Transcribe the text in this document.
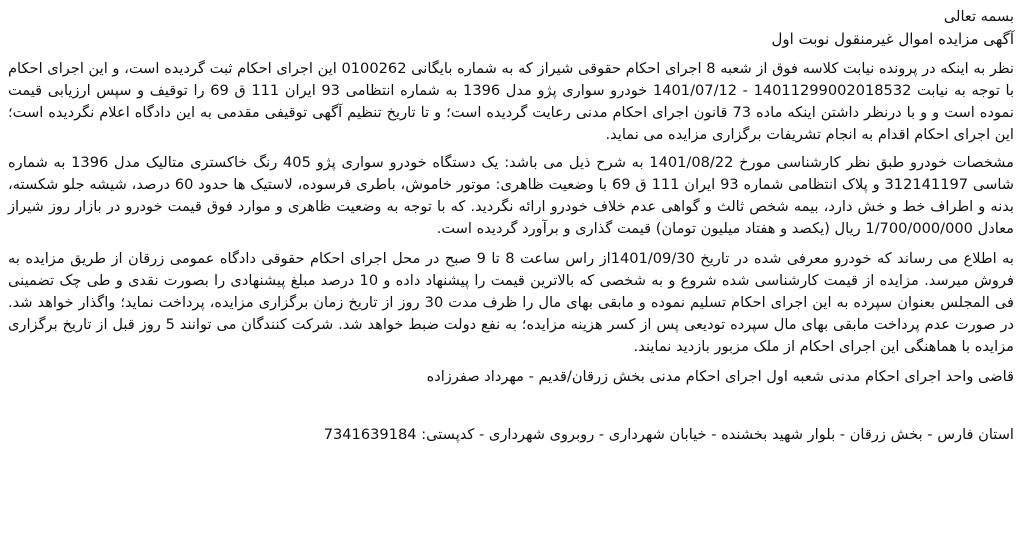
بسمه تعالی
آگهی مزایده اموال غیرمنقول نوبت اول

نظر به اینکه در پرونده نیابت کلاسه فوق از شعبه 8 اجرای احکام حقوقی شیراز که به شماره بایگانی 0100262 این اجرای احکام ثبت گردیده است، و این اجرای احکام با توجه به نیابت 14011299002018532 - 1401/07/12 خودرو سواری پژو مدل 1396 به شماره انتظامی 93 ایران 111 ق 69 را توقیف و سپس ارزیابی قیمت نموده است و و با درنظر داشتن اینکه ماده 73 قانون اجرای احکام مدنی رعایت گردیده است؛ و تا تاریخ تنظیم آگهی توقیفی مقدمی به این دادگاه اعلام نگردیده است؛ این اجرای احکام اقدام به انجام تشریفات برگزاری مزایده می نماید.

مشخصات خودرو طبق نظر کارشناسی مورخ 1401/08/22 به شرح ذیل می باشد: یک دستگاه خودرو سواری پژو 405 رنگ خاکستری متالیک مدل 1396 به شماره شاسی 312141197 و پلاک انتظامی شماره 93 ایران 111 ق 69 با وضعیت ظاهری: موتور خاموش، باطری فرسوده، لاستیک ها حدود 60 درصد، شیشه جلو شکسته، بدنه و اطراف خط و خش دارد، بیمه شخص ثالث و گواهی عدم خلاف خودرو ارائه نگردید. که با توجه به وضعیت ظاهری و موارد فوق قیمت خودرو در بازار روز شیراز معادل 1/700/000/000 ریال (یکصد و هفتاد میلیون تومان) قیمت گذاری و برآورد گردیده است.

به اطلاع می رساند که خودرو معرفی شده در تاریخ 1401/09/30از راس ساعت 8 تا 9 صبح در محل اجرای احکام حقوقی دادگاه عمومی زرقان از طریق مزایده به فروش میرسد. مزایده از قیمت کارشناسی شده شروع و به شخصی که بالاترین قیمت را پیشنهاد داده و 10 درصد مبلغ پیشنهادی را بصورت نقدی و طی چک تضمینی فی المجلس بعنوان سپرده به این اجرای احکام تسلیم نموده و مابقی بهای مال را ظرف مدت 30 روز از تاریخ زمان برگزاری مزایده، پرداخت نماید؛ واگذار خواهد شد. در صورت عدم پرداخت مابقی بهای مال سپرده تودیعی پس از کسر هزینه مزایده؛ به نفع دولت ضبط خواهد شد. شرکت کنندگان می توانند 5 روز قبل از تاریخ برگزاری مزایده با هماهنگی این اجرای احکام از ملک مزبور بازدید نمایند.

قاضی واحد اجرای احکام مدنی شعبه اول اجرای احکام مدنی بخش زرقان/قدیم - مهرداد صفرزاده

استان فارس - بخش زرقان - بلوار شهید بخشنده - خیابان شهرداری - روبروی شهرداری - کدپستی: 7341639184
